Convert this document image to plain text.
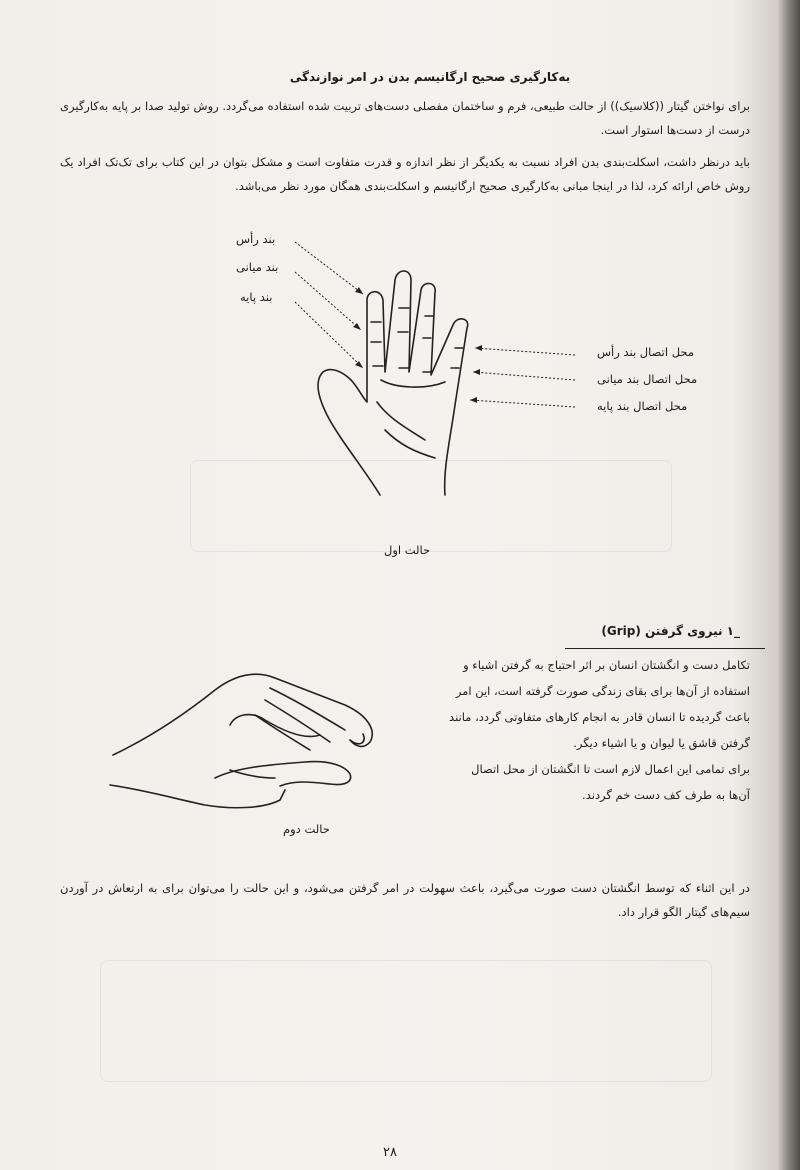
به‌کارگیری صحیح ارگانیسم بدن در امر نوازندگی
برای نواختن گیتار ((کلاسیک)) از حالت طبیعی، فرم و ساختمان مفصلی دست‌های تربیت شده استفاده می‌گردد. روش تولید صدا بر پایه به‌کارگیری درست از دست‌ها استوار است.
باید درنظر داشت، اسکلت‌بندی بدن افراد نسبت به یکدیگر از نظر اندازه و قدرت متفاوت است و مشکل بتوان در این کتاب برای تک‌تک افراد یک روش خاص ارائه کرد، لذا در اینجا مبانی به‌کارگیری صحیح ارگانیسم و اسکلت‌بندی همگان مورد نظر می‌باشد.
بند رأس
بند میانی
بند پایه
محل اتصال بند رأس
محل اتصال بند میانی
محل اتصال بند پایه
حالت اول
_۱ نیروی گرفتن (Grip)
تکامل دست و انگشتان انسان بر اثر احتیاج به گرفتن اشیاء و
استفاده از آن‌ها برای بقای زندگی صورت گرفته است، این امر
باعث گردیده تا انسان قادر به انجام کارهای متفاوتی گردد، مانند
گرفتن قاشق یا لیوان و یا اشیاء دیگر.
برای تمامی این اعمال لازم است تا انگشتان از محل اتصال
آن‌ها به طرف کف دست خم گردند.
حالت دوم
در این اثناء که توسط انگشتان دست صورت می‌گیرد، باعث سهولت در امر گرفتن می‌شود، و این حالت را می‌توان برای به ارتعاش در آوردن سیم‌های گیتار الگو قرار داد.
۲۸
